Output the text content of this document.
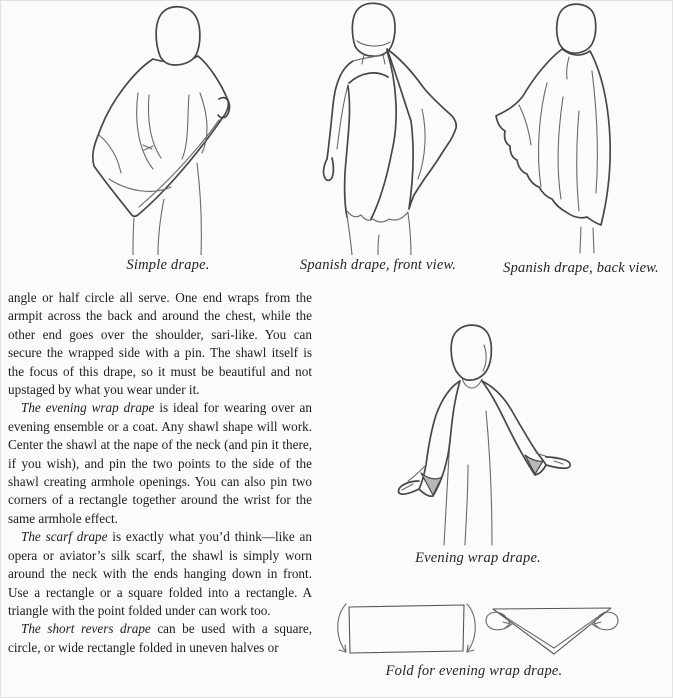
Simple drape.	Spanish drape, front view.	Spanish drape, back view.
Evening wrap drape.
Fold for evening wrap drape.

angle or half circle all serve. One end wraps from the armpit across the back and around the chest, while the other end goes over the shoulder, sari-like. You can secure the wrapped side with a pin. The shawl itself is the focus of this drape, so it must be beautiful and not upstaged by what you wear under it.

The evening wrap drape is ideal for wearing over an evening ensemble or a coat. Any shawl shape will work. Center the shawl at the nape of the neck (and pin it there, if you wish), and pin the two points to the side of the shawl creating armhole openings. You can also pin two corners of a rectangle together around the wrist for the same armhole effect.

The scarf drape is exactly what you’d think—like an opera or aviator’s silk scarf, the shawl is simply worn around the neck with the ends hanging down in front. Use a rectangle or a square folded into a rectangle. A triangle with the point folded under can work too.

The short revers drape can be used with a square, circle, or wide rectangle folded in uneven halves or
